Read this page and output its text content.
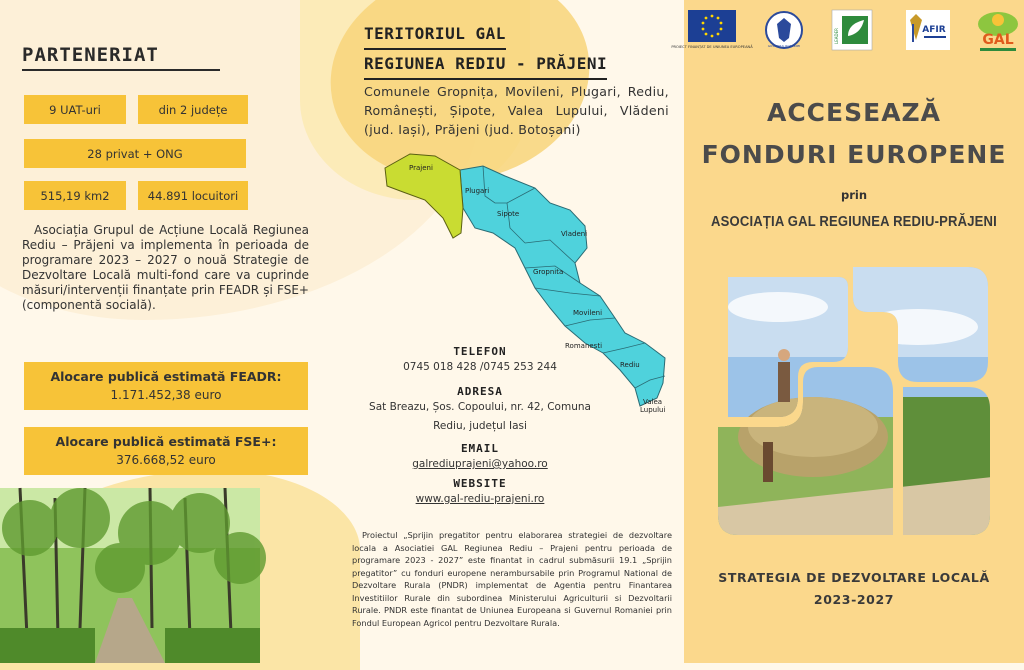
PARTENERIAT
9 UAT-uri	din 2 județe
28 privat + ONG
515,19 km2	44.891 locuitori

Asociația Grupul de Acțiune Locală Regiunea Rediu – Prăjeni va implementa în perioada de programare 2023 – 2027 o nouă Strategie de Dezvoltare Locală multi-fond care va cuprinde măsuri/intervenții finanțate prin FEADR și FSE+ (componentă socială).

Alocare publică estimată FEADR:
1.171.452,38 euro
Alocare publică estimată FSE+:
376.668,52 euro
TERITORIUL GAL
REGIUNEA REDIU - PRĂJENI

Comunele Gropnița, Movileni, Plugari, Rediu, Românești, Șipote, Valea Lupului, Vlădeni (jud. Iași), Prăjeni (jud. Botoșani)

Prajeni
Plugari
Sipote
Vladeni
Gropnita
Movileni
Romanesti
Rediu
Valea
Lupului
TELEFON
0745 018 428 /0745 253 244
ADRESA
Sat Breazu, Șos. Copoului, nr. 42, Comuna
Rediu, județul Iasi
EMAIL
galrediuprajeni@yahoo.ro
WEBSITE
www.gal-rediu-prajeni.ro

Proiectul „Sprijin pregatitor pentru elaborarea strategiei de dezvoltare locala a Asociatiei GAL Regiunea Rediu – Prajeni pentru perioada de programare 2023 - 2027” este finantat in cadrul submăsurii 19.1 „Sprijin pregatitor” cu fonduri europene nerambursabile prin Programul National de Dezvoltare Rurala (PNDR) implementat de Agentia pentru Finantarea Investitiilor Rurale din subordinea Ministerului Agriculturii si Dezvoltarii Rurale. PNDR este finantat de Uniunea Europeana si Guvernul Romaniei prin Fondul European Agricol pentru Dezvoltare Rurala.

PROIECT FINANȚAT DE UNIUNEA EUROPEANĂ	GUVERNUL ROMÂNIEI
LEADER	AFIR
GAL
ACCESEAZĂ
FONDURI EUROPENE
prin
ASOCIAȚIA GAL REGIUNEA REDIU-PRĂJENI
STRATEGIA DE DEZVOLTARE LOCALĂ
2023-2027
